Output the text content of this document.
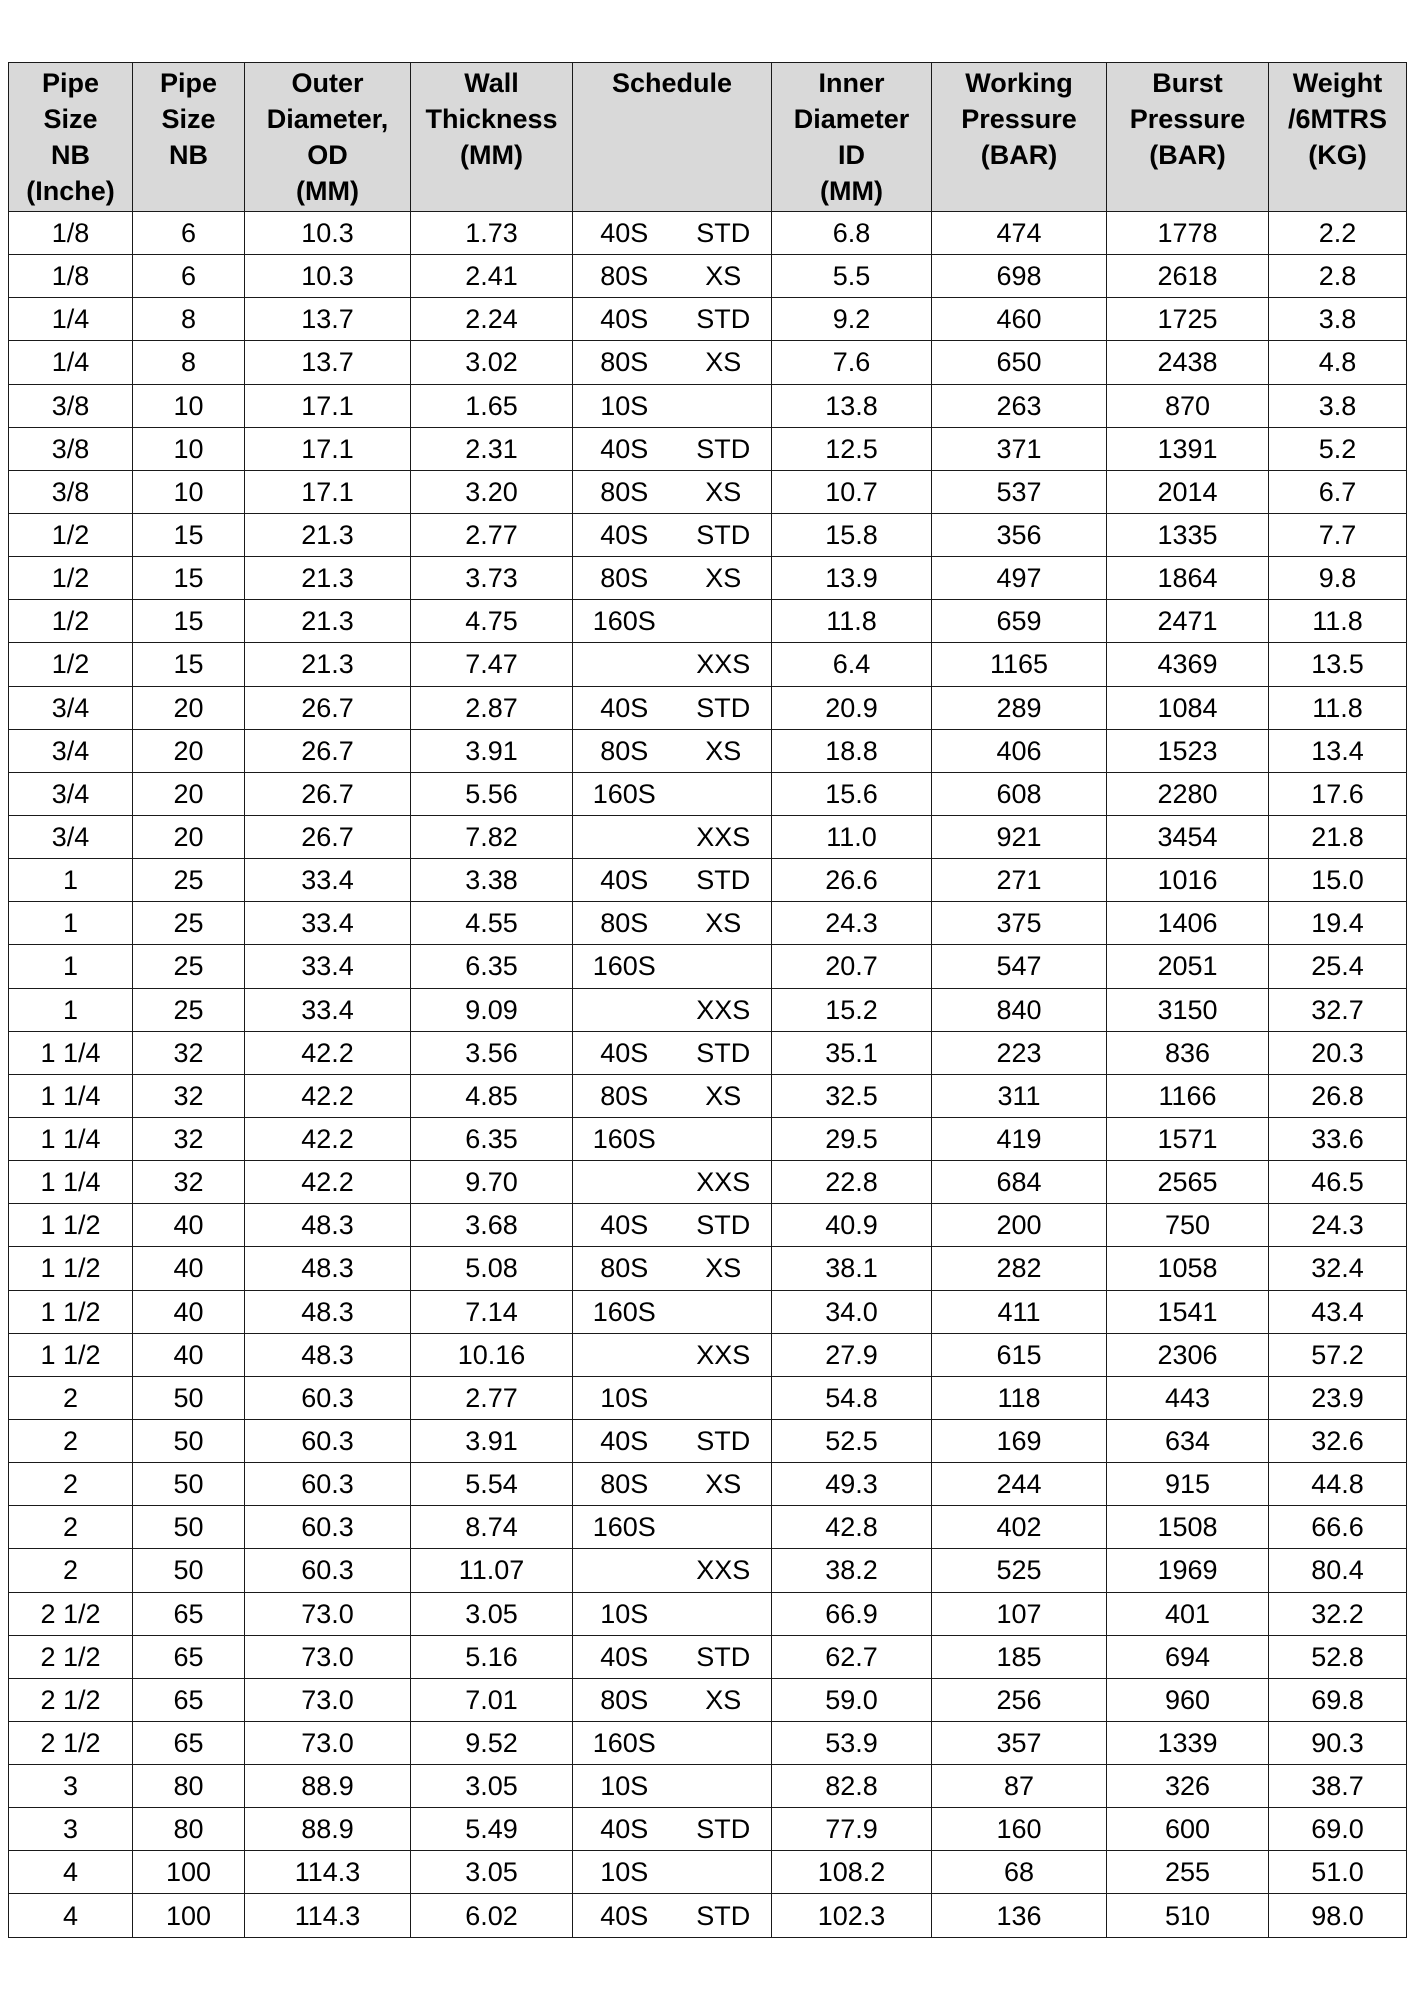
Pipe
Size
NB
(Inche)	Pipe
Size
NB	Outer
Diameter,
OD
(MM)	Wall
Thickness
(MM)	Schedule		Inner
Diameter
ID
(MM)	Working
Pressure
(BAR)	Burst
Pressure
(BAR)	Weight
/6MTRS
(KG)

1/8	6	10.3	1.73	40S	STD	6.8	474	1778	2.2
1/8	6	10.3	2.41	80S	XS	5.5	698	2618	2.8
1/4	8	13.7	2.24	40S	STD	9.2	460	1725	3.8
1/4	8	13.7	3.02	80S	XS	7.6	650	2438	4.8
3/8	10	17.1	1.65	10S		13.8	263	870	3.8
3/8	10	17.1	2.31	40S	STD	12.5	371	1391	5.2
3/8	10	17.1	3.20	80S	XS	10.7	537	2014	6.7
1/2	15	21.3	2.77	40S	STD	15.8	356	1335	7.7
1/2	15	21.3	3.73	80S	XS	13.9	497	1864	9.8
1/2	15	21.3	4.75	160S		11.8	659	2471	11.8
1/2	15	21.3	7.47		XXS	6.4	1165	4369	13.5
3/4	20	26.7	2.87	40S	STD	20.9	289	1084	11.8
3/4	20	26.7	3.91	80S	XS	18.8	406	1523	13.4
3/4	20	26.7	5.56	160S		15.6	608	2280	17.6
3/4	20	26.7	7.82		XXS	11.0	921	3454	21.8
1	25	33.4	3.38	40S	STD	26.6	271	1016	15.0
1	25	33.4	4.55	80S	XS	24.3	375	1406	19.4
1	25	33.4	6.35	160S		20.7	547	2051	25.4
1	25	33.4	9.09		XXS	15.2	840	3150	32.7
1 1/4	32	42.2	3.56	40S	STD	35.1	223	836	20.3
1 1/4	32	42.2	4.85	80S	XS	32.5	311	1166	26.8
1 1/4	32	42.2	6.35	160S		29.5	419	1571	33.6
1 1/4	32	42.2	9.70		XXS	22.8	684	2565	46.5
1 1/2	40	48.3	3.68	40S	STD	40.9	200	750	24.3
1 1/2	40	48.3	5.08	80S	XS	38.1	282	1058	32.4
1 1/2	40	48.3	7.14	160S		34.0	411	1541	43.4
1 1/2	40	48.3	10.16		XXS	27.9	615	2306	57.2
2	50	60.3	2.77	10S		54.8	118	443	23.9
2	50	60.3	3.91	40S	STD	52.5	169	634	32.6
2	50	60.3	5.54	80S	XS	49.3	244	915	44.8
2	50	60.3	8.74	160S		42.8	402	1508	66.6
2	50	60.3	11.07		XXS	38.2	525	1969	80.4
2 1/2	65	73.0	3.05	10S		66.9	107	401	32.2
2 1/2	65	73.0	5.16	40S	STD	62.7	185	694	52.8
2 1/2	65	73.0	7.01	80S	XS	59.0	256	960	69.8
2 1/2	65	73.0	9.52	160S		53.9	357	1339	90.3
3	80	88.9	3.05	10S		82.8	87	326	38.7
3	80	88.9	5.49	40S	STD	77.9	160	600	69.0
4	100	114.3	3.05	10S		108.2	68	255	51.0
4	100	114.3	6.02	40S	STD	102.3	136	510	98.0
